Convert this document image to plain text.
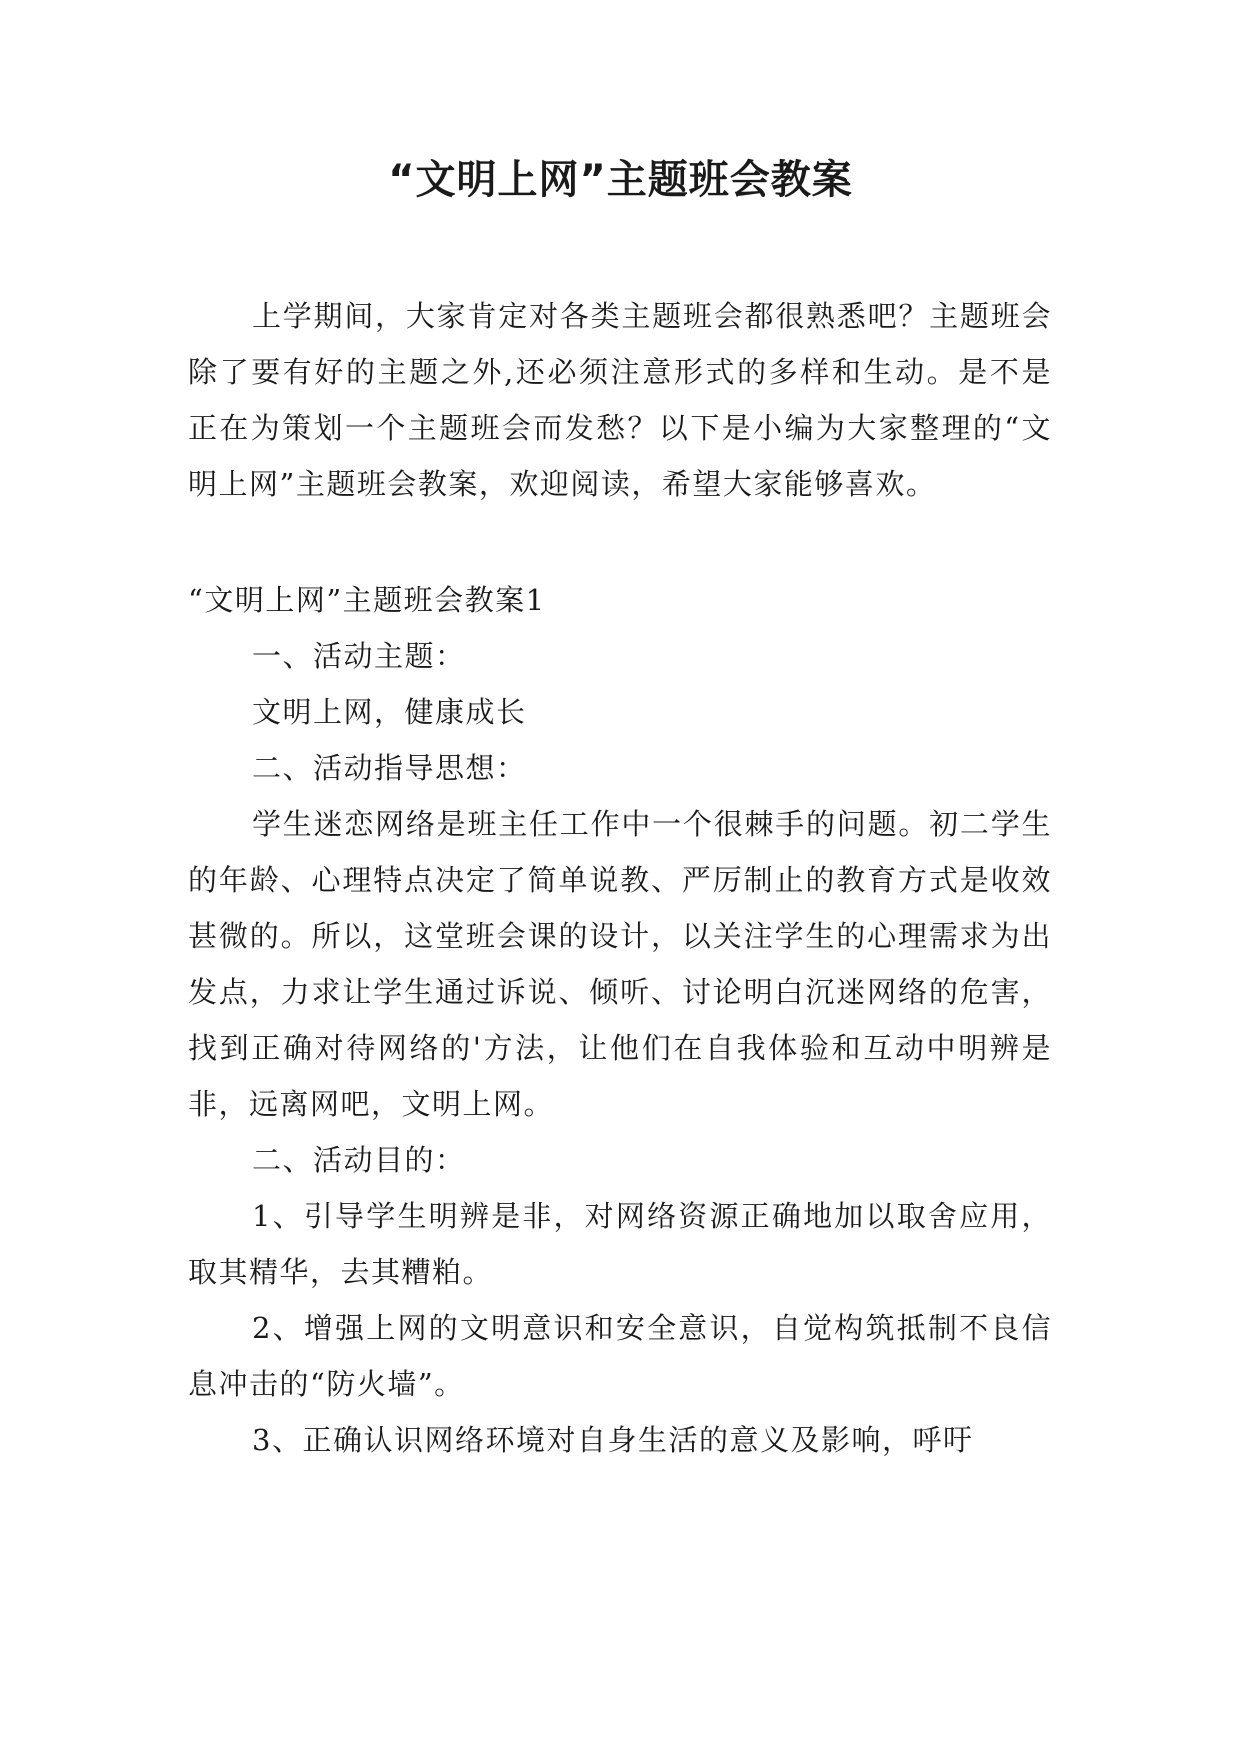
“文明上网”主题班会教案

上学期间，大家肯定对各类主题班会都很熟悉吧？主题班会除了要有好的主题之外,还必须注意形式的多样和生动。是不是正在为策划一个主题班会而发愁？以下是小编为大家整理的“文明上网”主题班会教案，欢迎阅读，希望大家能够喜欢。

“文明上网”主题班会教案1

一、活动主题：

文明上网，健康成长

二、活动指导思想：

学生迷恋网络是班主任工作中一个很棘手的问题。初二学生的年龄、心理特点决定了简单说教、严厉制止的教育方式是收效甚微的。所以，这堂班会课的设计，以关注学生的心理需求为出发点，力求让学生通过诉说、倾听、讨论明白沉迷网络的危害，找到正确对待网络的'方法，让他们在自我体验和互动中明辨是非，远离网吧，文明上网。

二、活动目的：

1、引导学生明辨是非，对网络资源正确地加以取舍应用，取其精华，去其糟粕。

2、增强上网的文明意识和安全意识，自觉构筑抵制不良信息冲击的“防火墙”。

3、正确认识网络环境对自身生活的意义及影响，呼吁
